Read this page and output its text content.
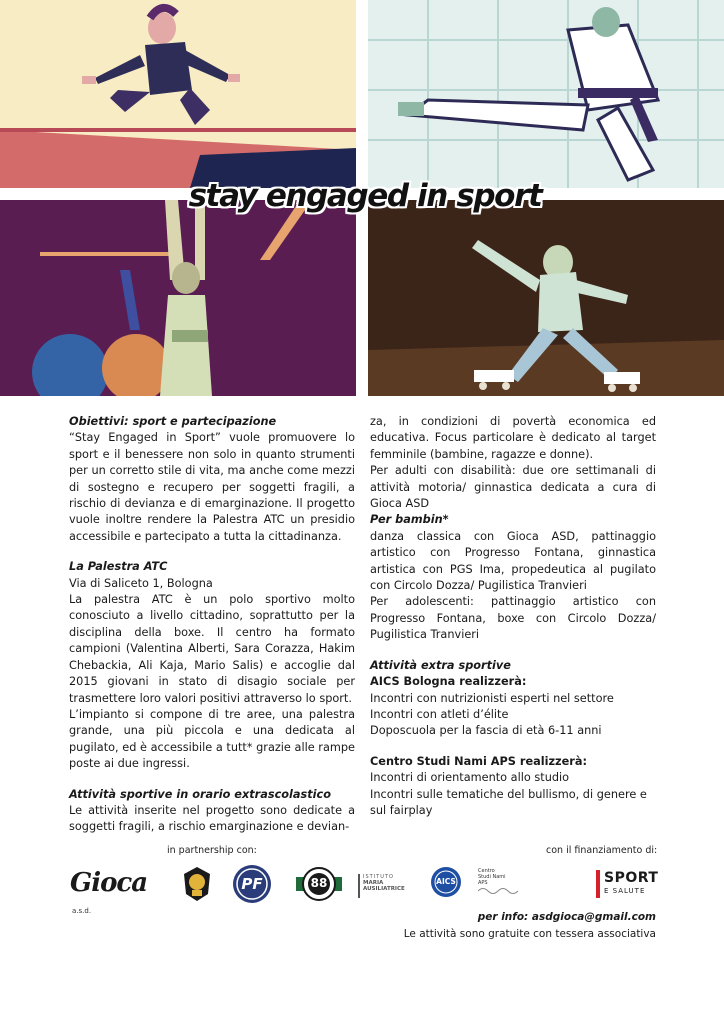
stay engaged in sport

Obiettivi: sport e partecipazione

“Stay Engaged in Sport” vuole promuovere lo sport e il benessere non solo in quanto strumenti per un corretto stile di vita, ma anche come mezzi di sostegno e recupero per soggetti fragili, a rischio di devianza e di emarginazione. Il progetto vuole inoltre rendere la Palestra ATC un presidio accessibile e partecipato a tutta la cittadinanza.

La Palestra ATC

Via di Saliceto 1, Bologna

La palestra ATC è un polo sportivo molto conosciuto a livello cittadino, soprattutto per la disciplina della boxe. Il centro ha formato campioni (Valentina Alberti, Sara Corazza, Hakim Chebackia, Ali Kaja, Mario Salis) e accoglie dal 2015 giovani in stato di disagio sociale per trasmettere loro valori positivi attraverso lo sport.

L’impianto si compone di tre aree, una palestra grande, una più piccola e una dedicata al pugilato, ed è accessibile a tutt* grazie alle rampe poste ai due ingressi.

Attività sportive in orario extrascolastico

Le attività inserite nel progetto sono dedicate a soggetti fragili, a rischio emarginazione e devian-

za, in condizioni di povertà economica ed educativa. Focus particolare è dedicato al target femminile (bambine, ragazze e donne).

Per adulti con disabilità: due ore settimanali di attività motoria/ ginnastica dedicata a cura di Gioca ASD

Per bambin*

danza classica con Gioca ASD, pattinaggio artistico con Progresso Fontana, ginnastica artistica con PGS Ima, propedeutica al pugilato con Circolo Dozza/ Pugilistica Tranvieri

Per adolescenti: pattinaggio artistico con Progresso Fontana, boxe con Circolo Dozza/ Pugilistica Tranvieri

Attività extra sportive

AICS Bologna realizzerà:

Incontri con nutrizionisti esperti nel settore

Incontri con atleti d’élite

Doposcuola per la fascia di età 6-11 anni

Centro Studi Nami APS realizzerà:

Incontri di orientamento allo studio

Incontri sulle tematiche del bullismo, di genere e sul fairplay

in partnership con:	con il finanziamento di:
Gioca a.s.d.
PF	88	ISTITUTO
MARIA AUSILIATRICE
AICS
Centro
Studi Nami
APS	SPORT
E SALUTE
per info: asdgioca@gmail.com
Le attività sono gratuite con tessera associativa
